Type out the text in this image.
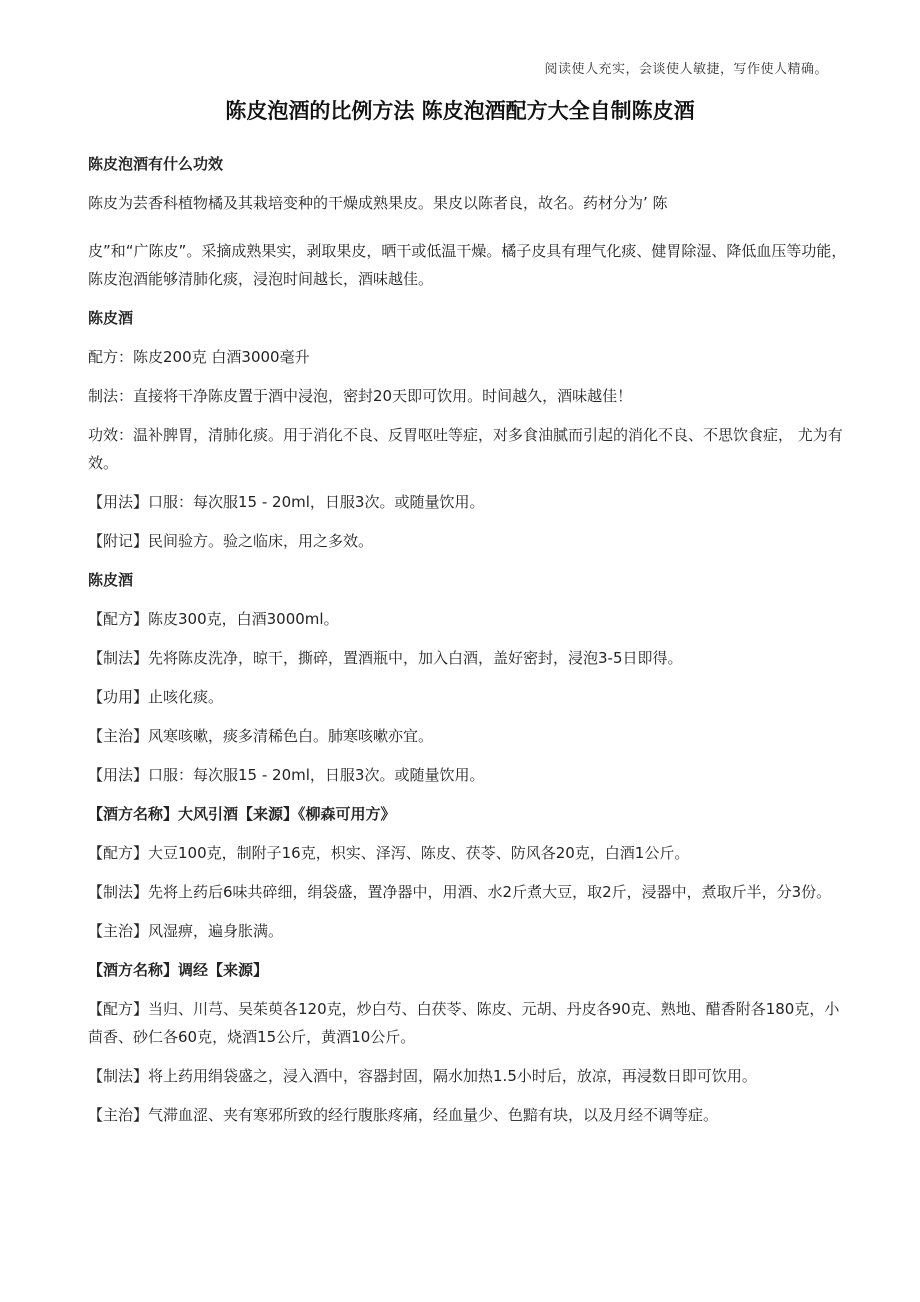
阅读使人充实，会谈使人敏捷，写作使人精确。
陈皮泡酒的比例方法 陈皮泡酒配方大全自制陈皮酒
陈皮泡酒有什么功效
陈皮为芸香科植物橘及其栽培变种的干燥成熟果皮。果皮以陈者良，故名。药材分为’ 陈
皮”和“广陈皮”。采摘成熟果实，剥取果皮，晒干或低温干燥。橘子皮具有理气化痰、健胃除湿、降低血压等功能，陈皮泡酒能够清肺化痰，浸泡时间越长，酒味越佳。
陈皮酒
配方：陈皮200克 白酒3000毫升
制法：直接将干净陈皮置于酒中浸泡，密封20天即可饮用。时间越久，酒味越佳！
功效：温补脾胃，清肺化痰。用于消化不良、反胃呕吐等症，对多食油腻而引起的消化不良、不思饮食症， 尤为有效。
【用法】口服：每次服15 - 20ml，日服3次。或随量饮用。
【附记】民间验方。验之临床，用之多效。
陈皮酒
【配方】陈皮300克，白酒3000ml。
【制法】先将陈皮洗净，晾干，撕碎，置酒瓶中，加入白酒，盖好密封，浸泡3-5日即得。
【功用】止咳化痰。
【主治】风寒咳嗽，痰多清稀色白。肺寒咳嗽亦宜。
【用法】口服：每次服15 - 20ml，日服3次。或随量饮用。
【酒方名称】大风引酒【来源】《柳森可用方》
【配方】大豆100克，制附子16克，枳实、泽泻、陈皮、茯苓、防风各20克，白酒1公斤。
【制法】先将上药后6味共碎细，绢袋盛，置净器中，用酒、水2斤煮大豆，取2斤，浸器中，煮取斤半，分3份。
【主治】风湿痹，遍身胀满。
【酒方名称】调经【来源】
【配方】当归、川芎、吴茱萸各120克，炒白芍、白茯苓、陈皮、元胡、丹皮各90克、熟地、醋香附各180克，小茴香、砂仁各60克，烧酒15公斤，黄酒10公斤。
【制法】将上药用绢袋盛之，浸入酒中，容器封固，隔水加热1.5小时后，放凉，再浸数日即可饮用。
【主治】气滞血涩、夹有寒邪所致的经行腹胀疼痛，经血量少、色黯有块，以及月经不调等症。
